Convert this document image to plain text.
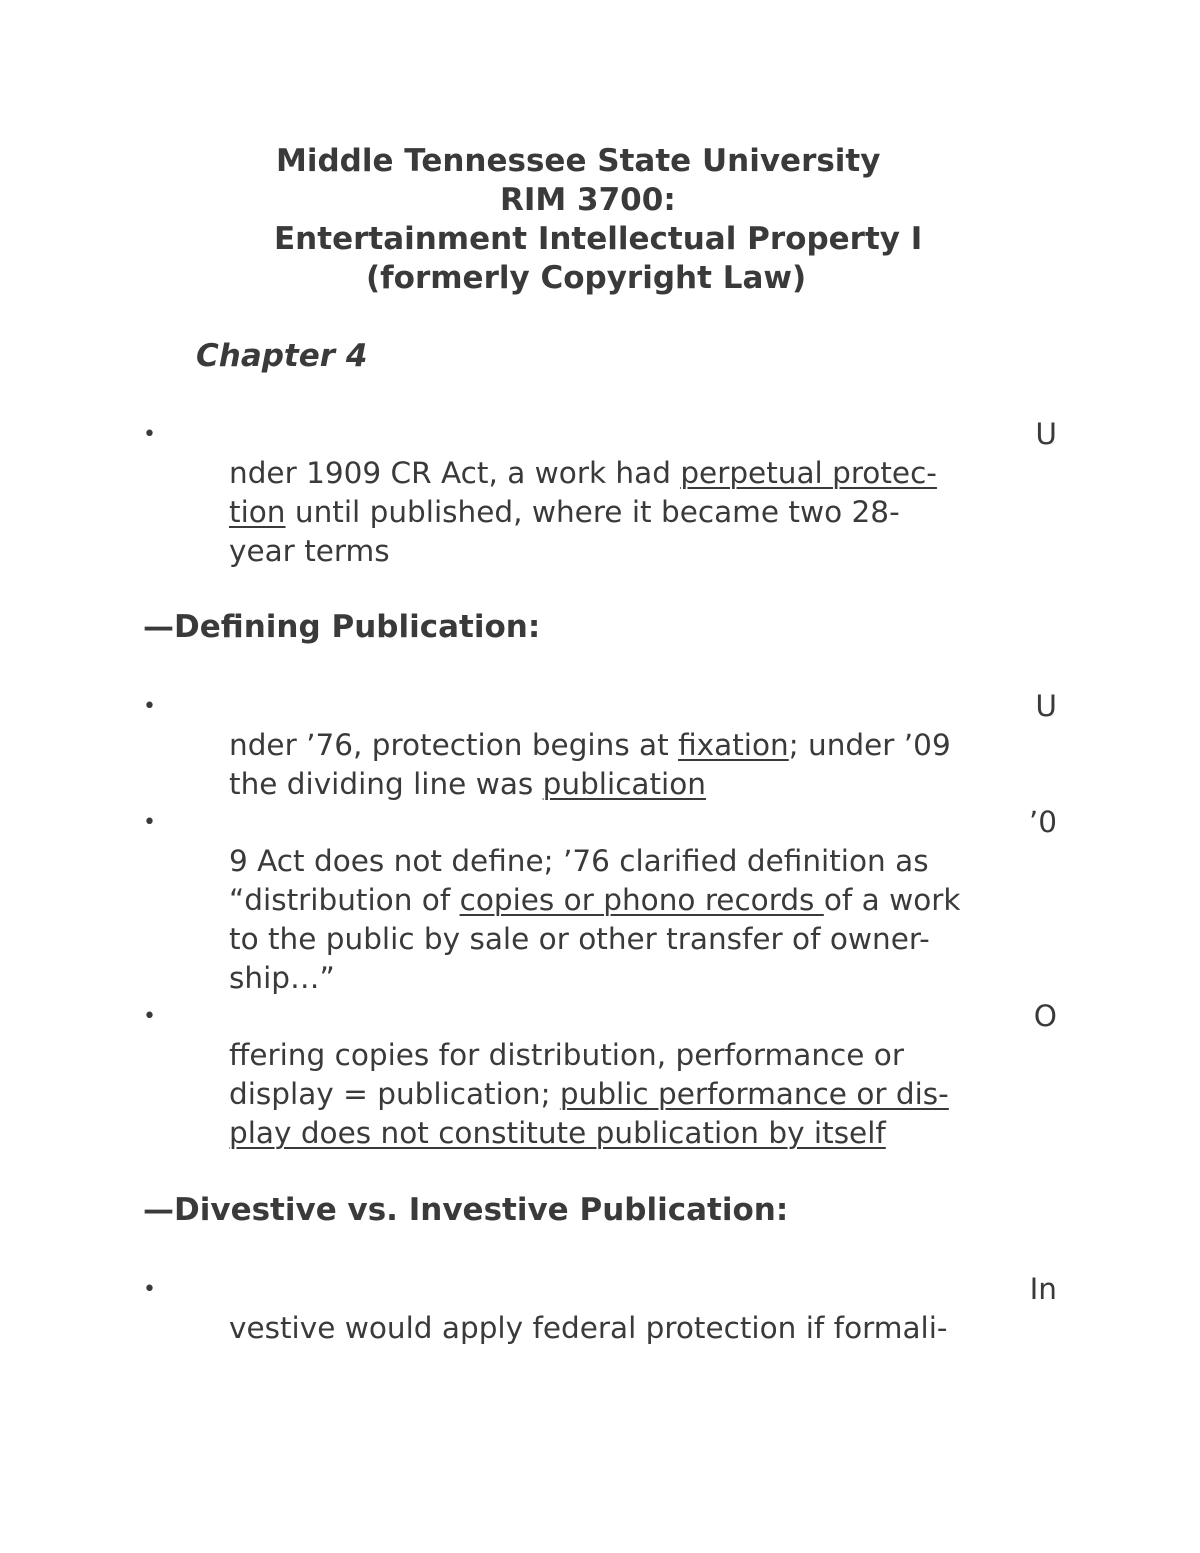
Middle Tennessee State University
RIM 3700:
Entertainment Intellectual Property I
(formerly Copyright Law)
Chapter 4
•	U
nder 1909 CR Act, a work had perpetual protec-
tion until published, where it became two 28-
year terms
—Defining Publication:
•	U
nder ’76, protection begins at fixation; under ’09
the dividing line was publication
•	’0
9 Act does not define; ’76 clarified definition as
“distribution of copies or phono records of a work
to the public by sale or other transfer of owner-
ship…”
•	O
ffering copies for distribution, performance or
display = publication; public performance or dis-
play does not constitute publication by itself
—Divestive vs. Investive Publication:
•	In
vestive would apply federal protection if formali-
